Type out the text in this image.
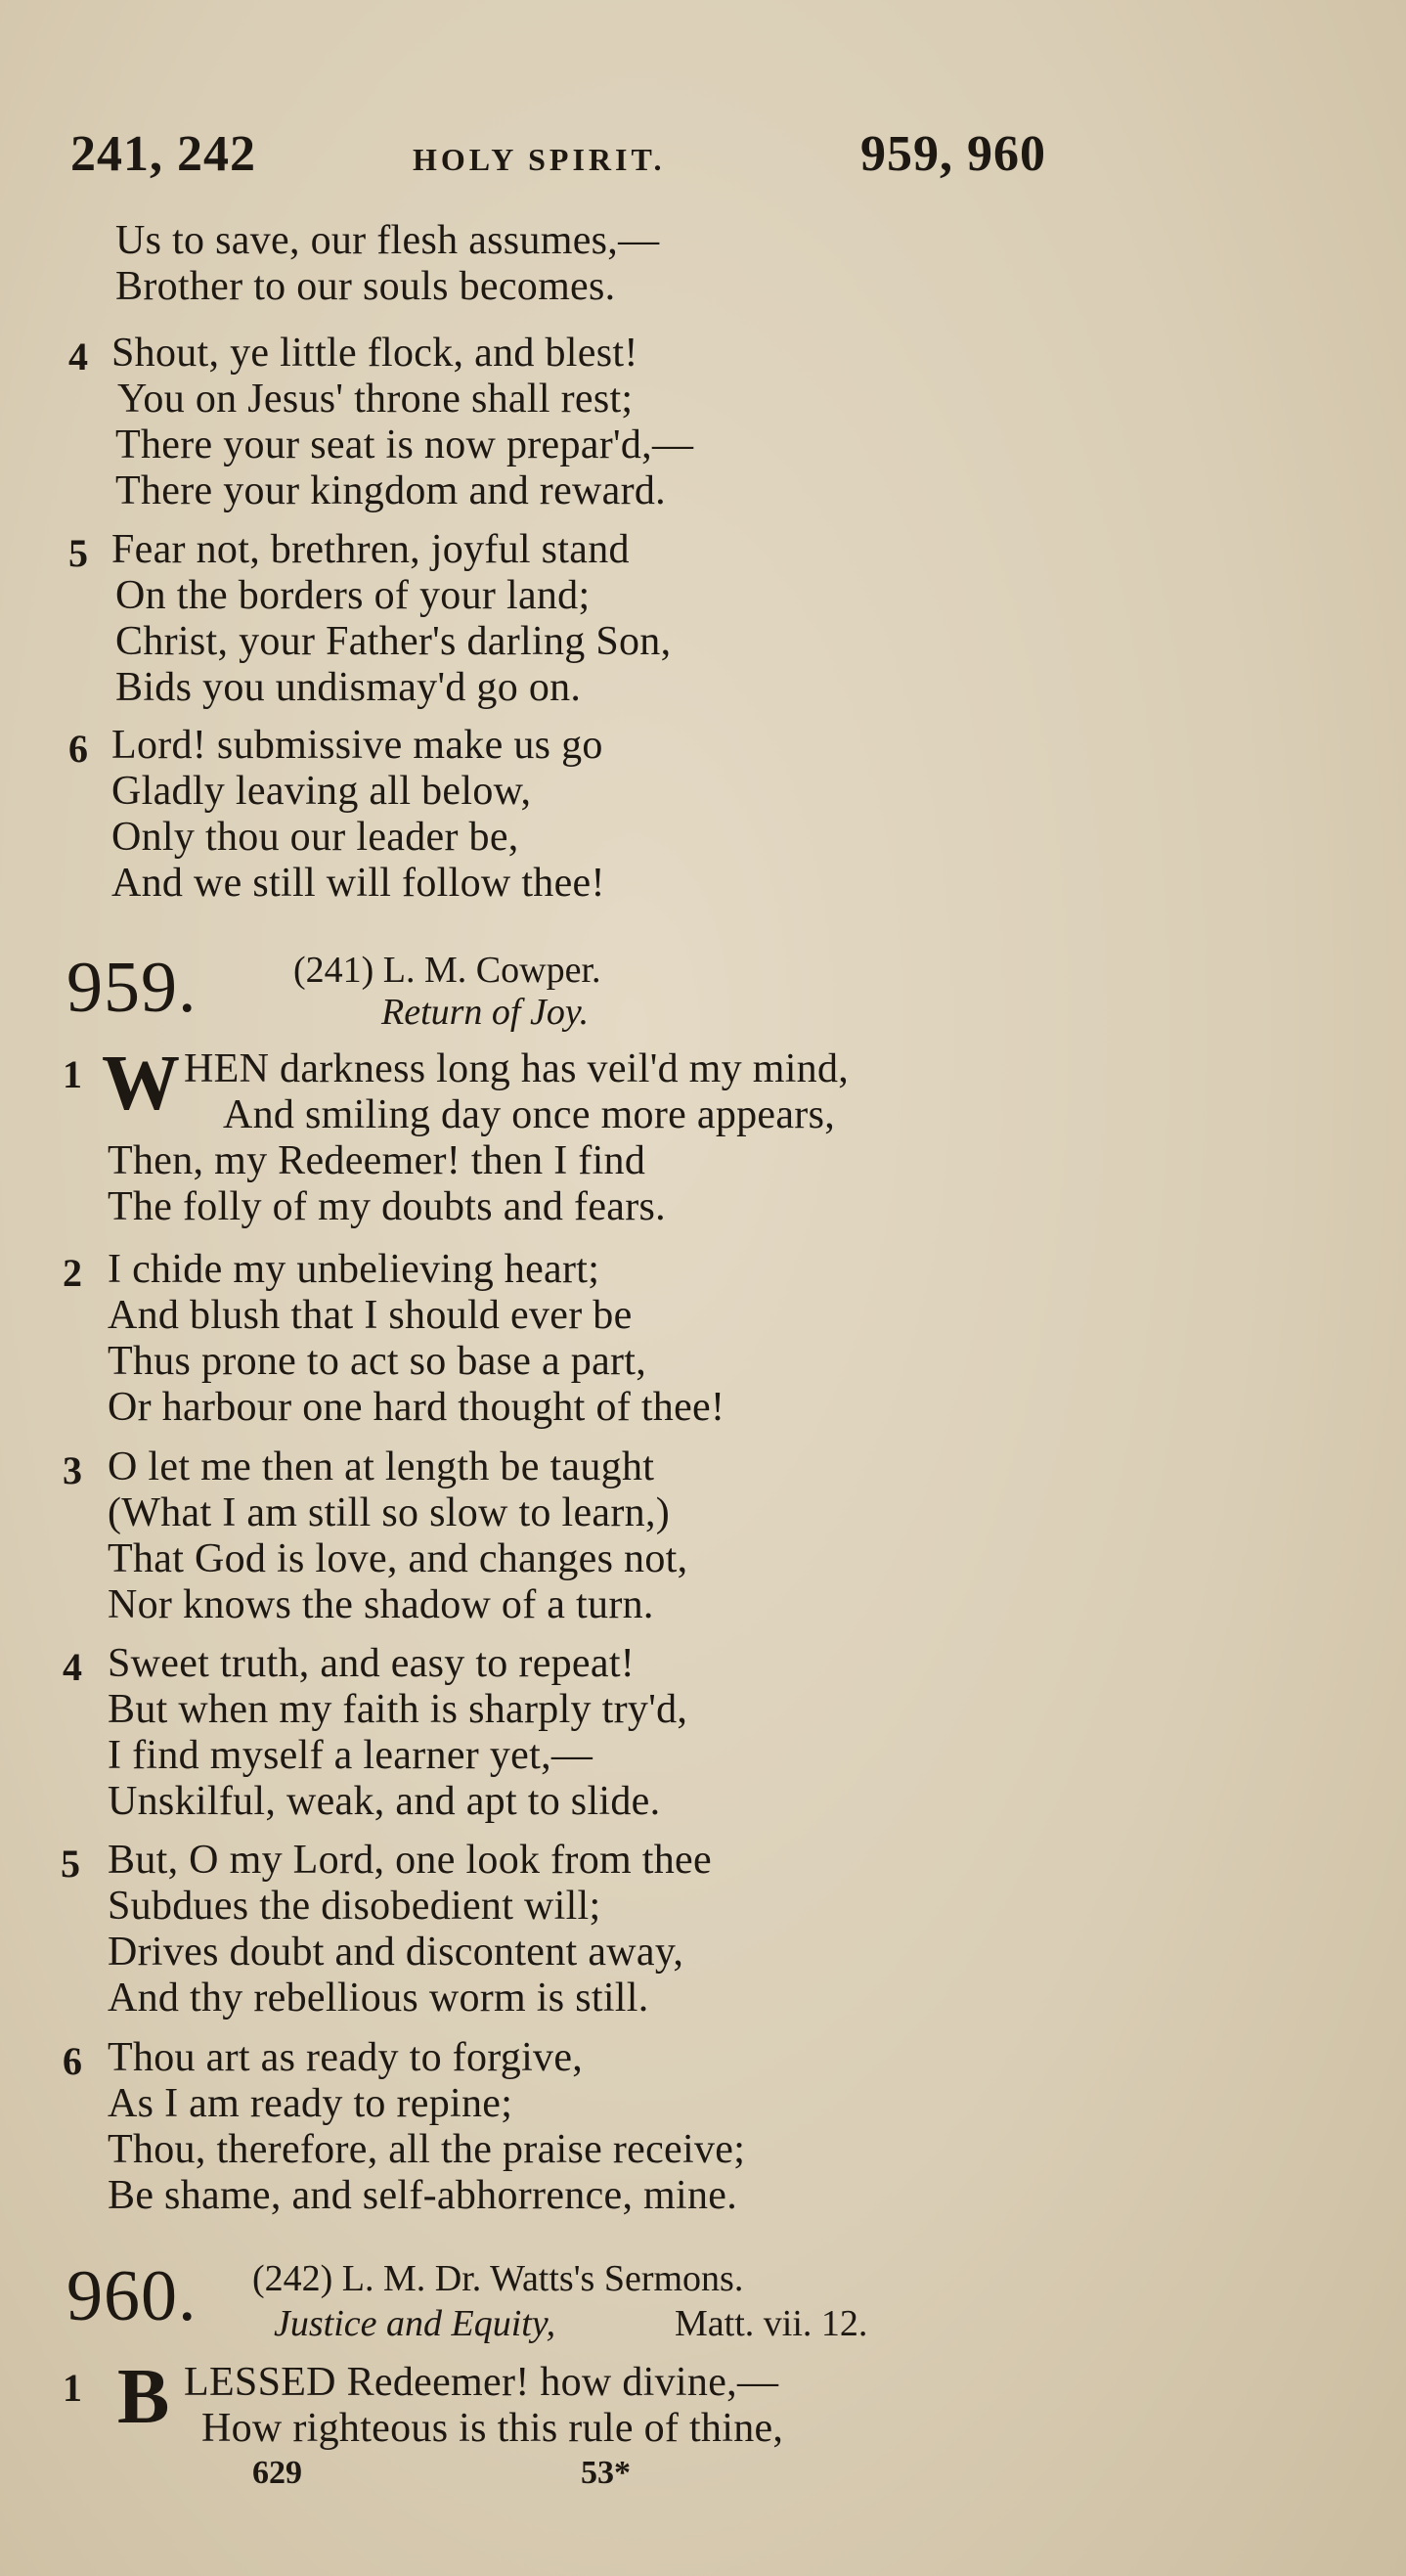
241, 242	HOLY SPIRIT.	959, 960
Us to save, our flesh assumes,—
Brother to our souls becomes.
4 Shout, ye little flock, and blest!
You on Jesus' throne shall rest;
There your seat is now prepar'd,—
There your kingdom and reward.
5 Fear not, brethren, joyful stand
On the borders of your land;
Christ, your Father's darling Son,
Bids you undismay'd go on.
6 Lord! submissive make us go
Gladly leaving all below,
Only thou our leader be,
And we still will follow thee!
959.	(241) L. M. Cowper.
Return of Joy.
1 W HEN darkness long has veil'd my mind,
And smiling day once more appears,
Then, my Redeemer! then I find
The folly of my doubts and fears.
2 I chide my unbelieving heart;
And blush that I should ever be
Thus prone to act so base a part,
Or harbour one hard thought of thee!
3 O let me then at length be taught
(What I am still so slow to learn,)
That God is love, and changes not,
Nor knows the shadow of a turn.
4 Sweet truth, and easy to repeat!
But when my faith is sharply try'd,
I find myself a learner yet,—
Unskilful, weak, and apt to slide.
5 But, O my Lord, one look from thee
Subdues the disobedient will;
Drives doubt and discontent away,
And thy rebellious worm is still.
6 Thou art as ready to forgive,
As I am ready to repine;
Thou, therefore, all the praise receive;
Be shame, and self-abhorrence, mine.
960. (242) L. M. Dr. Watts's Sermons.
Justice and Equity,	Matt. vii. 12.
1 B LESSED Redeemer! how divine,—
How righteous is this rule of thine,
629	53*
